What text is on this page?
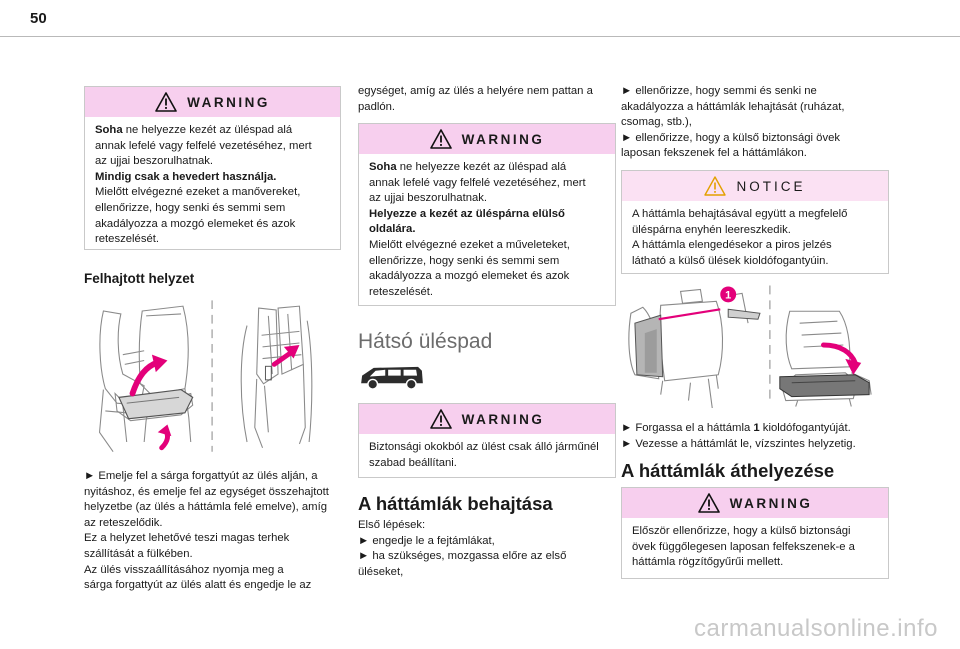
50
WARNING

Soha ne helyezze kezét az üléspad alá

annak lefelé vagy felfelé vezetéséhez, mert

az ujjai beszorulhatnak.

Mindig csak a hevedert használja.

Mielőtt elvégezné ezeket a manővereket,

ellenőrizze, hogy senki és semmi sem

akadályozza a mozgó elemeket és azok

reteszelését.

Felhajtott helyzet

► Emelje fel a sárga forgattyút az ülés alján, a

nyitáshoz, és emelje fel az egységet összehajtott

helyzetbe (az ülés a háttámla felé emelve), amíg

az reteszelődik.

Ez a helyzet lehetővé teszi magas terhek

szállítását a fülkében.

Az ülés visszaállításához nyomja meg a

sárga forgattyút az ülés alatt és engedje le az

egységet, amíg az ülés a helyére nem pattan a

padlón.

WARNING

Soha ne helyezze kezét az üléspad alá

annak lefelé vagy felfelé vezetéséhez, mert

az ujjai beszorulhatnak.

Helyezze a kezét az üléspárna elülső

oldalára.

Mielőtt elvégezné ezeket a műveleteket,

ellenőrizze, hogy senki és semmi sem

akadályozza a mozgó elemeket és azok

reteszelését.

Hátsó üléspad
WARNING

Biztonsági okokból az ülést csak álló járműnél

szabad beállítani.

A háttámlák behajtása

Első lépések:

► engedje le a fejtámlákat,

► ha szükséges, mozgassa előre az első

üléseket,

► ellenőrizze, hogy semmi és senki ne

akadályozza a háttámlák lehajtását (ruházat,

csomag, stb.),

► ellenőrizze, hogy a külső biztonsági övek

laposan fekszenek fel a háttámlákon.

NOTICE

A háttámla behajtásával együtt a megfelelő

üléspárna enyhén leereszkedik.

A háttámla elengedésekor a piros jelzés

látható a külső ülések kioldófogantyúin.

1

► Forgassa el a háttámla 1 kioldófogantyúját.

► Vezesse a háttámlát le, vízszintes helyzetig.

A háttámlák áthelyezése
WARNING

Először ellenőrizze, hogy a külső biztonsági

övek függőlegesen laposan felfekszenek-e a

háttámla rögzítőgyűrűi mellett.

carmanualsonline.info
